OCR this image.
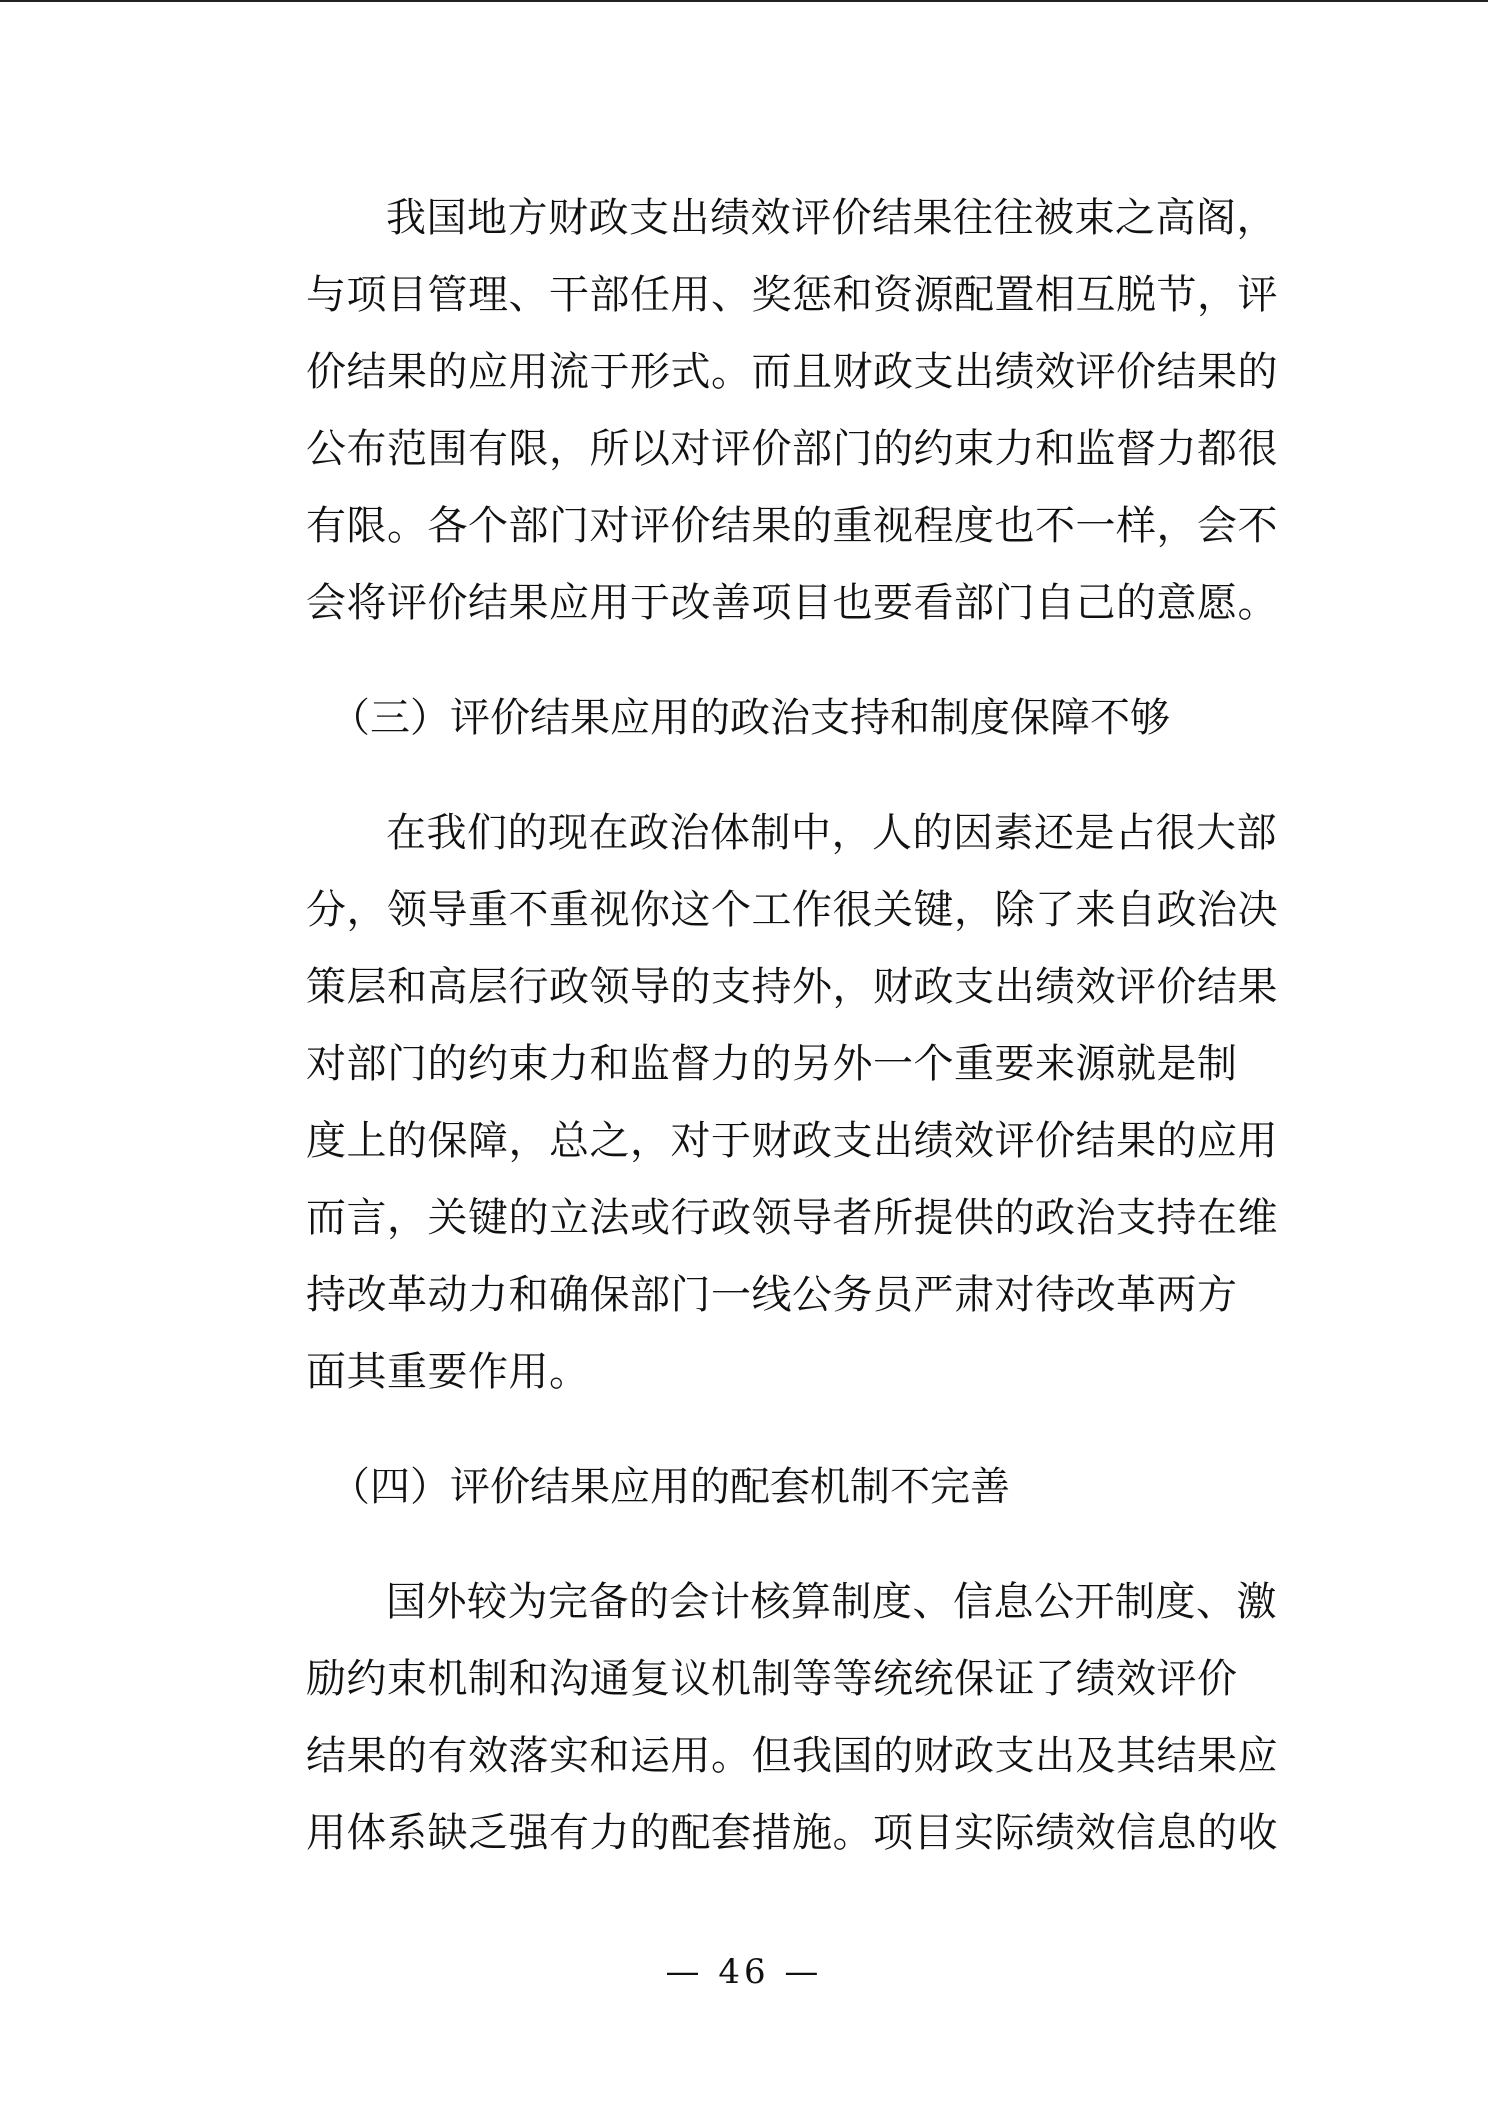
我国地方财政支出绩效评价结果往往被束之高阁，
与项目管理、干部任用、奖惩和资源配置相互脱节，评
价结果的应用流于形式。而且财政支出绩效评价结果的
公布范围有限，所以对评价部门的约束力和监督力都很
有限。各个部门对评价结果的重视程度也不一样，会不
会将评价结果应用于改善项目也要看部门自己的意愿。
（三）评价结果应用的政治支持和制度保障不够
在我们的现在政治体制中，人的因素还是占很大部
分，领导重不重视你这个工作很关键，除了来自政治决
策层和高层行政领导的支持外，财政支出绩效评价结果
对部门的约束力和监督力的另外一个重要来源就是制
度上的保障，总之，对于财政支出绩效评价结果的应用
而言，关键的立法或行政领导者所提供的政治支持在维
持改革动力和确保部门一线公务员严肃对待改革两方
面其重要作用。
（四）评价结果应用的配套机制不完善
国外较为完备的会计核算制度、信息公开制度、激
励约束机制和沟通复议机制等等统统保证了绩效评价
结果的有效落实和运用。但我国的财政支出及其结果应
用体系缺乏强有力的配套措施。项目实际绩效信息的收
— 46 —
